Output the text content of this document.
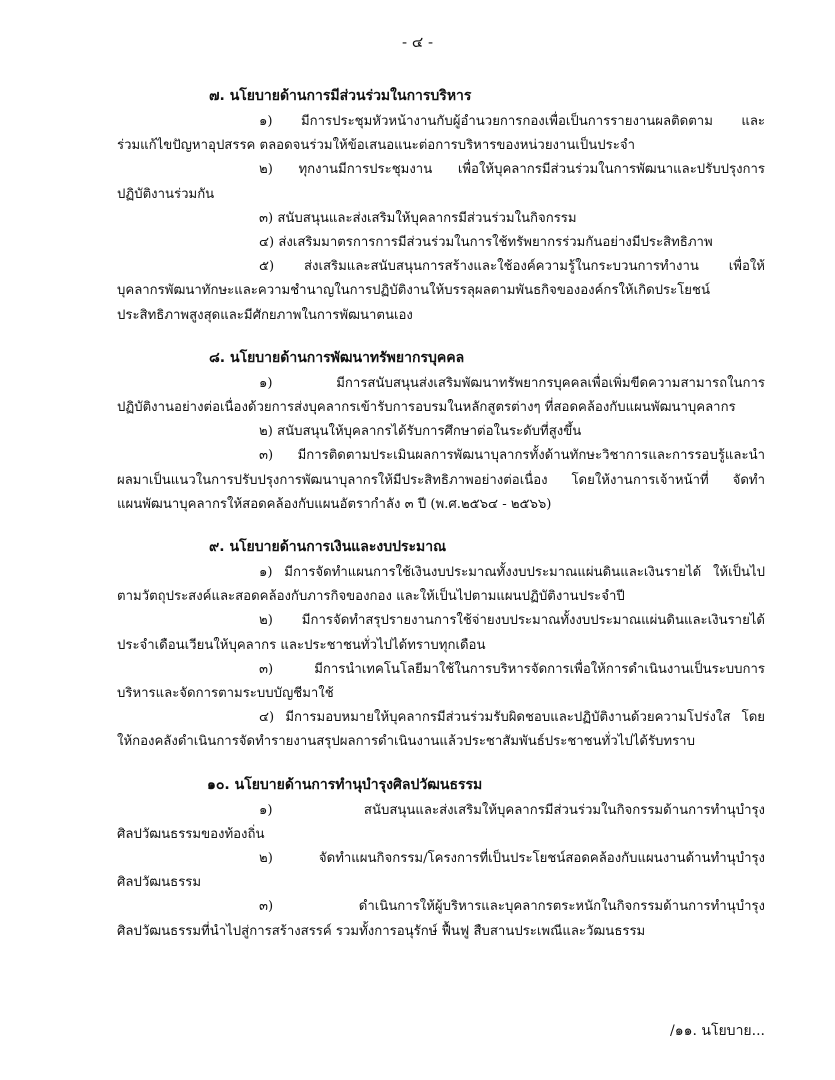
- ๔ -
๗. นโยบายด้านการมีส่วนร่วมในการบริหาร
๑) มีการประชุมหัวหน้างานกับผู้อำนวยการกองเพื่อเป็นการรายงานผลติดตาม และ
ร่วมแก้ไขปัญหาอุปสรรค ตลอดจนร่วมให้ข้อเสนอแนะต่อการบริหารของหน่วยงานเป็นประจำ
๒) ทุกงานมีการประชุมงาน เพื่อให้บุคลากรมีส่วนร่วมในการพัฒนาและปรับปรุงการ
ปฏิบัติงานร่วมกัน
๓) สนับสนุนและส่งเสริมให้บุคลากรมีส่วนร่วมในกิจกรรม
๔) ส่งเสริมมาตรการการมีส่วนร่วมในการใช้ทรัพยากรร่วมกันอย่างมีประสิทธิภาพ
๕) ส่งเสริมและสนับสนุนการสร้างและใช้องค์ความรู้ในกระบวนการทำงาน เพื่อให้
บุคลากรพัฒนาทักษะและความชำนาญในการปฏิบัติงานให้บรรลุผลตามพันธกิจขององค์กรให้เกิดประโยชน์
ประสิทธิภาพสูงสุดและมีศักยภาพในการพัฒนาตนเอง
๘. นโยบายด้านการพัฒนาทรัพยากรบุคคล
๑) มีการสนับสนุนส่งเสริมพัฒนาทรัพยากรบุคคลเพื่อเพิ่มขีดความสามารถในการ
ปฏิบัติงานอย่างต่อเนื่องด้วยการส่งบุคลากรเข้ารับการอบรมในหลักสูตรต่างๆ ที่สอดคล้องกับแผนพัฒนาบุคลากร
๒) สนับสนุนให้บุคลากรได้รับการศึกษาต่อในระดับที่สูงขึ้น
๓) มีการติดตามประเมินผลการพัฒนาบุลากรทั้งด้านทักษะวิชาการและการรอบรู้และนำ
ผลมาเป็นแนวในการปรับปรุงการพัฒนาบุลากรให้มีประสิทธิภาพอย่างต่อเนื่อง โดยให้งานการเจ้าหน้าที่ จัดทำ
แผนพัฒนาบุคลากรให้สอดคล้องกับแผนอัตรากำลัง ๓ ปี (พ.ศ.๒๕๖๔ - ๒๕๖๖)
๙. นโยบายด้านการเงินและงบประมาณ
๑) มีการจัดทำแผนการใช้เงินงบประมาณทั้งงบประมาณแผ่นดินและเงินรายได้ ให้เป็นไป
ตามวัตถุประสงค์และสอดคล้องกับภารกิจของกอง และให้เป็นไปตามแผนปฏิบัติงานประจำปี
๒) มีการจัดทำสรุปรายงานการใช้จ่ายงบประมาณทั้งงบประมาณแผ่นดินและเงินรายได้
ประจำเดือนเวียนให้บุคลากร และประชาชนทั่วไปได้ทราบทุกเดือน
๓) มีการนำเทคโนโลยีมาใช้ในการบริหารจัดการเพื่อให้การดำเนินงานเป็นระบบการ
บริหารและจัดการตามระบบบัญชีมาใช้
๔) มีการมอบหมายให้บุคลากรมีส่วนร่วมรับผิดชอบและปฏิบัติงานด้วยความโปร่งใส โดย
ให้กองคลังดำเนินการจัดทำรายงานสรุปผลการดำเนินงานแล้วประชาสัมพันธ์ประชาชนทั่วไปได้รับทราบ
๑๐. นโยบายด้านการทำนุบำรุงศิลปวัฒนธรรม
๑) สนับสนุนและส่งเสริมให้บุคลากรมีส่วนร่วมในกิจกรรมด้านการทำนุบำรุง
ศิลปวัฒนธรรมของท้องถิ่น
๒) จัดทำแผนกิจกรรม/โครงการที่เป็นประโยชน์สอดคล้องกับแผนงานด้านทำนุบำรุง
ศิลปวัฒนธรรม
๓) ดำเนินการให้ผู้บริหารและบุคลากรตระหนักในกิจกรรมด้านการทำนุบำรุง
ศิลปวัฒนธรรมที่นำไปสู่การสร้างสรรค์ รวมทั้งการอนุรักษ์ ฟื้นฟู สืบสานประเพณีและวัฒนธรรม
/๑๑. นโยบาย...
